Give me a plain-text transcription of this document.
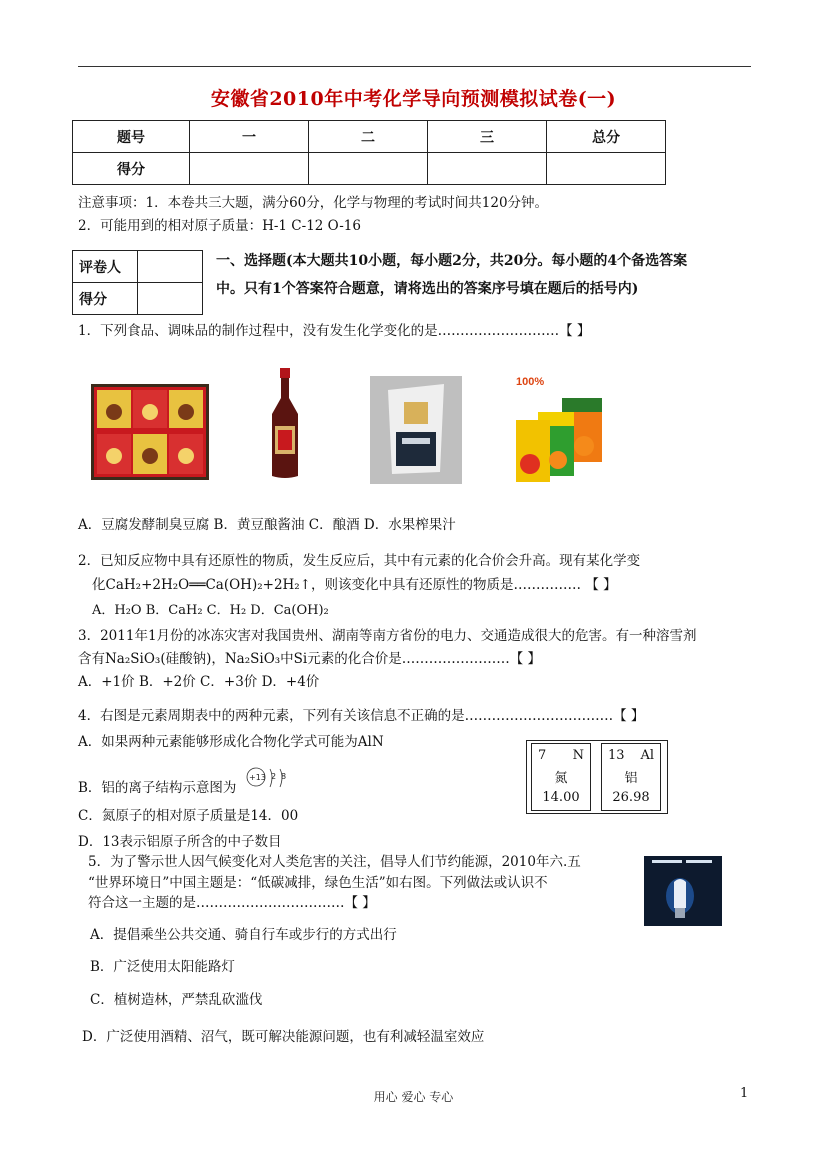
安徽省2010年中考化学导向预测模拟试卷(一)
题号	一	二	三	总分
得分				
注意事项：1．本卷共三大题，满分60分，化学与物理的考试时间共120分钟。
2．可能用到的相对原子质量：H-1 C-12 O-16
评卷人	
得分	
一、选择题(本大题共10小题，每小题2分，共20分。每小题的4个备选答案
中。只有1个答案符合题意，请将选出的答案序号填在题后的括号内)
1．下列食品、调味品的制作过程中，没有发生化学变化的是………………………【 】
100%
A．豆腐发酵制臭豆腐 B．黄豆酿酱油 C．酿酒 D．水果榨果汁
2．已知反应物中具有还原性的物质，发生反应后，其中有元素的化合价会升高。现有某化学变
化CaH₂+2H₂O══Ca(OH)₂+2H₂↑，则该变化中具有还原性的物质是…………… 【 】
A．H₂O B．CaH₂ C．H₂ D．Ca(OH)₂
3．2011年1月份的冰冻灾害对我国贵州、湖南等南方省份的电力、交通造成很大的危害。有一种溶雪剂
含有Na₂SiO₃(硅酸钠)，Na₂SiO₃中Si元素的化合价是……………………【 】
A．+1价 B．+2价 C．+3价 D．+4价
4．右图是元素周期表中的两种元素，下列有关该信息不正确的是……………………………【 】
A．如果两种元素能够形成化合物化学式可能为AlN
B．铝的离子结构示意图为
+13 2 8
C．氮原子的相对原子质量是14．00
D．13表示铝原子所含的中子数目
7 N
氮
14.00
13 Al
铝
26.98
5．为了警示世人因气候变化对人类危害的关注，倡导人们节约能源，2010年六.五
“世界环境日”中国主题是：“低碳减排，绿色生活”如右图。下列做法或认识不
符合这一主题的是……………………………【 】
A．提倡乘坐公共交通、骑自行车或步行的方式出行
B．广泛使用太阳能路灯
C．植树造林，严禁乱砍滥伐
D．广泛使用酒精、沼气，既可解决能源问题，也有利减轻温室效应
用心 爱心 专心	1
